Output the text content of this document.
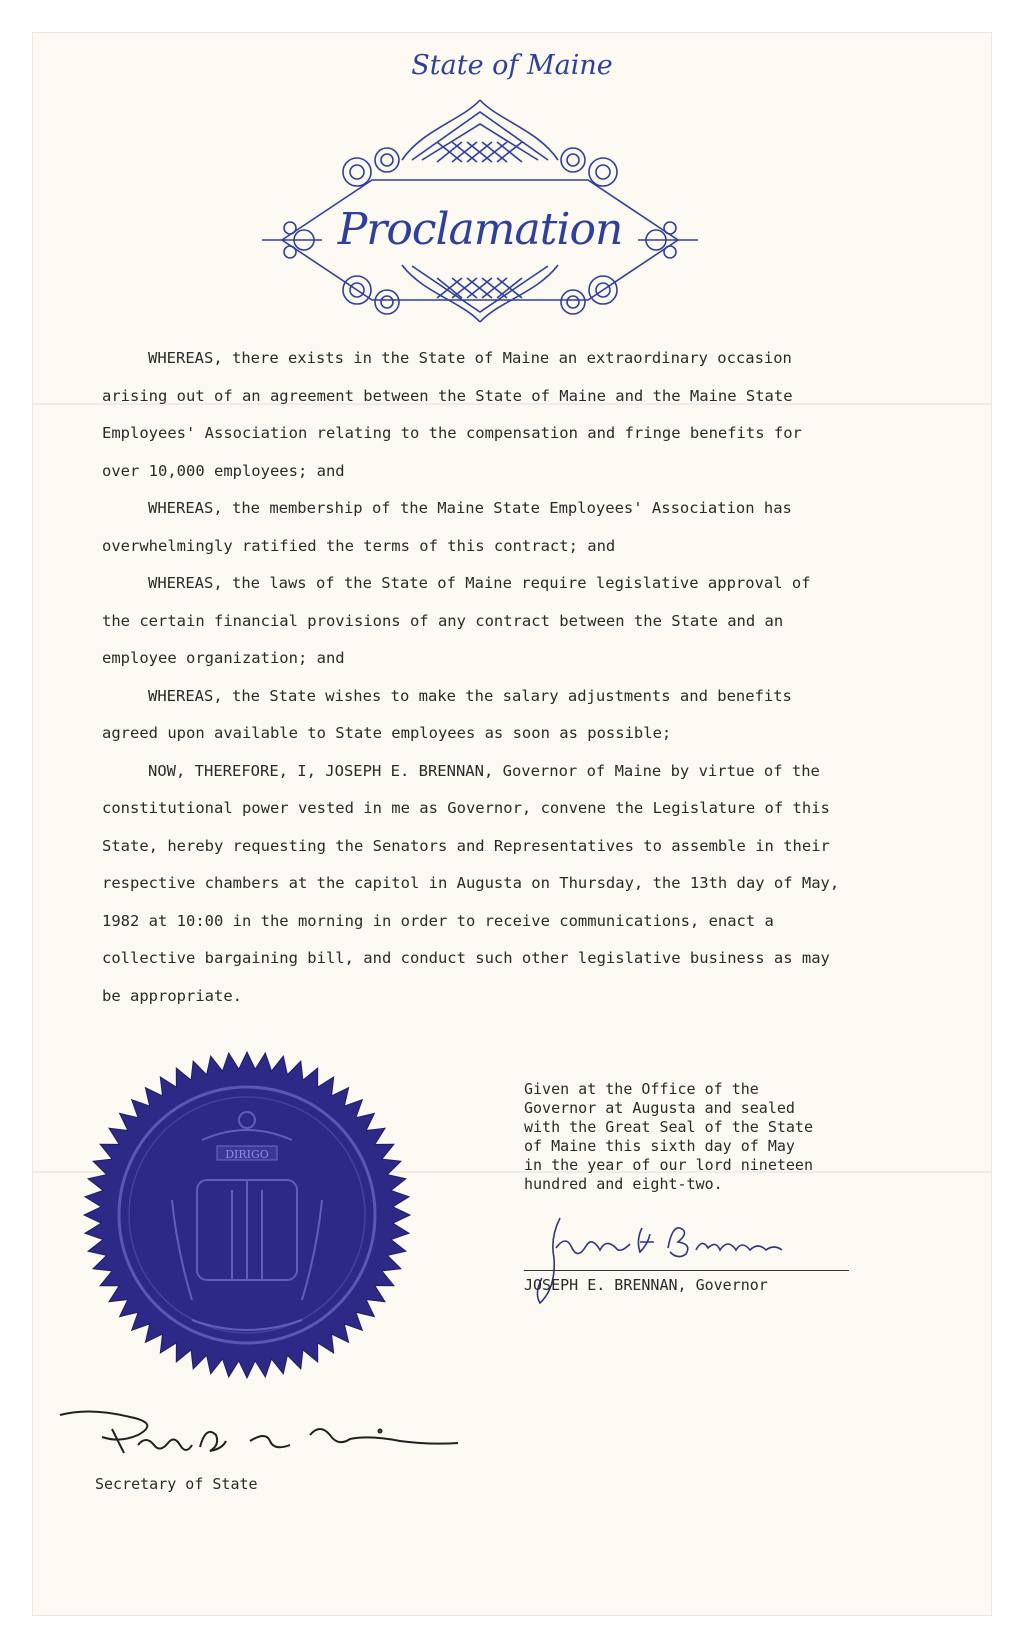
State of Maine
Proclamation

WHEREAS, there exists in the State of Maine an extraordinary occasion arising out of an agreement between the State of Maine and the Maine State Employees' Association relating to the compensation and fringe benefits for over 10,000 employees; and

WHEREAS, the membership of the Maine State Employees' Association has overwhelmingly ratified the terms of this contract; and

WHEREAS, the laws of the State of Maine require legislative approval of the certain financial provisions of any contract between the State and an employee organization; and

WHEREAS, the State wishes to make the salary adjustments and benefits agreed upon available to State employees as soon as possible;

NOW, THEREFORE, I, JOSEPH E. BRENNAN, Governor of Maine by virtue of the constitutional power vested in me as Governor, convene the Legislature of this State, hereby requesting the Senators and Representatives to assemble in their respective chambers at the capitol in Augusta on Thursday, the 13th day of May, 1982 at 10:00 in the morning in order to receive communications, enact a collective bargaining bill, and conduct such other legislative business as may be appropriate.

DIRIGO
Given at the Office of the
Governor at Augusta and sealed
with the Great Seal of the State
of Maine this sixth day of May
in the year of our lord nineteen
hundred and eight-two.
JOSEPH E. BRENNAN, Governor
Secretary of State
